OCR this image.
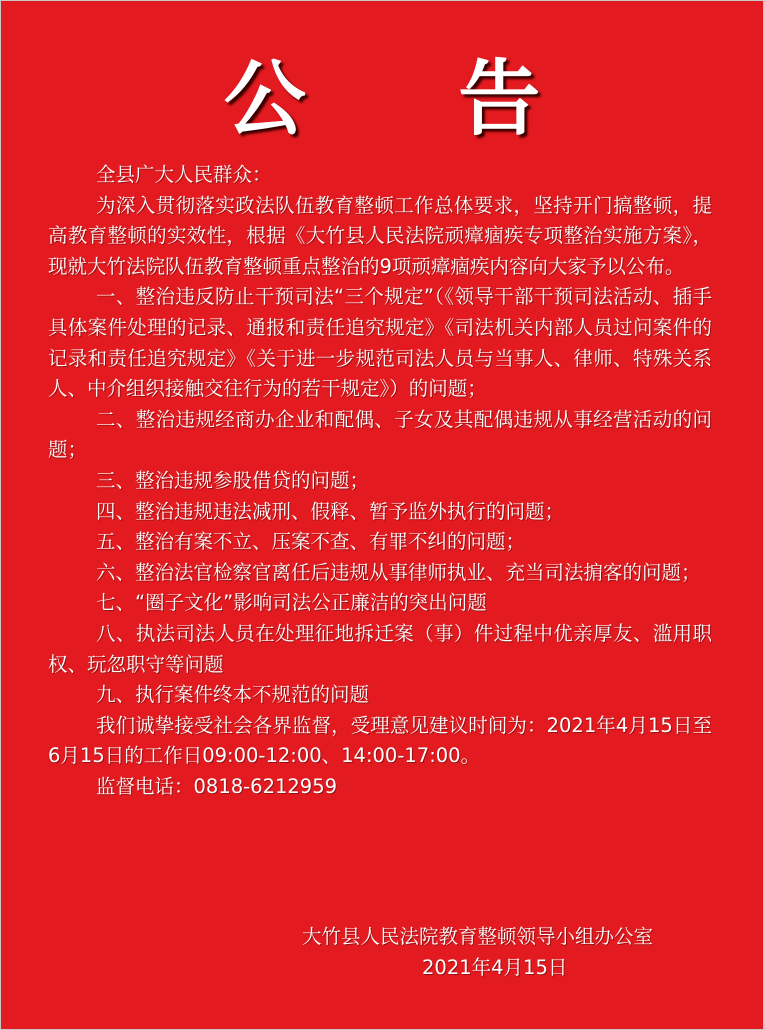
公 告

全县广大人民群众：

为深入贯彻落实政法队伍教育整顿工作总体要求，坚持开门搞整顿，提高教育整顿的实效性，根据《大竹县人民法院顽瘴痼疾专项整治实施方案》，现就大竹法院队伍教育整顿重点整治的9项顽瘴痼疾内容向大家予以公布。

一、整治违反防止干预司法“三个规定”（《领导干部干预司法活动、插手具体案件处理的记录、通报和责任追究规定》《司法机关内部人员过问案件的记录和责任追究规定》《关于进一步规范司法人员与当事人、律师、特殊关系人、中介组织接触交往行为的若干规定》）的问题；

二、整治违规经商办企业和配偶、子女及其配偶违规从事经营活动的问题；

三、整治违规参股借贷的问题；

四、整治违规违法减刑、假释、暂予监外执行的问题；

五、整治有案不立、压案不查、有罪不纠的问题；

六、整治法官检察官离任后违规从事律师执业、充当司法掮客的问题；

七、“圈子文化”影响司法公正廉洁的突出问题

八、执法司法人员在处理征地拆迁案（事）件过程中优亲厚友、滥用职权、玩忽职守等问题

九、执行案件终本不规范的问题

我们诚挚接受社会各界监督，受理意见建议时间为：2021年4月15日至6月15日的工作日09:00-12:00、14:00-17:00。

监督电话：0818-6212959

大竹县人民法院教育整顿领导小组办公室
2021年4月15日
